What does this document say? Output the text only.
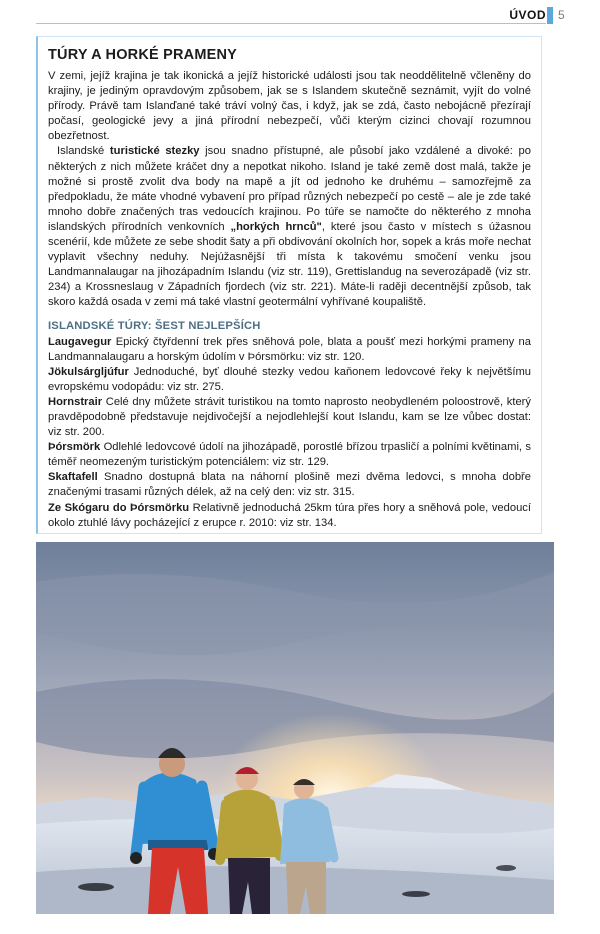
ÚVOD 5
TÚRY A HORKÉ PRAMENY

V zemi, jejíž krajina je tak ikonická a jejíž historické události jsou tak neoddělitelně včleněny do krajiny, je jediným opravdovým způsobem, jak se s Islandem skutečně seznámit, vyjít do volné přírody. Právě tam Islanďané také tráví volný čas, i když, jak se zdá, často nebojácně přezírají počasí, geologické jevy a jiná přírodní nebezpečí, vůči kterým cizinci chovají rozumnou obezřetnost.

Islandské turistické stezky jsou snadno přístupné, ale působí jako vzdálené a divoké: po některých z nich můžete kráčet dny a nepotkat nikoho. Island je také země dost malá, takže je možné si prostě zvolit dva body na mapě a jít od jednoho ke druhému – samozřejmě za předpokladu, že máte vhodné vybavení pro případ různých nebezpečí po cestě – ale je zde také mnoho dobře značených tras vedoucích krajinou. Po túře se namočte do některého z mnoha islandských přírodních venkovních „horkých hrnců", které jsou často v místech s úžasnou scenérií, kde můžete ze sebe shodit šaty a při obdivování okolních hor, sopek a krás moře nechat vyplavit všechny neduhy. Nejúžasnější tři místa k takovému smočení venku jsou Landmannalaugar na jihozápadním Islandu (viz str. 119), Grettislandug na severozápadě (viz str. 234) a Krossneslaug v Západních fjordech (viz str. 221). Máte-li raději decentnější způsob, tak skoro každá osada v zemi má také vlastní geotermální vyhřívané koupaliště.

ISLANDSKÉ TÚRY: ŠEST NEJLEPŠÍCH

Laugavegur Epický čtyřdenní trek přes sněhová pole, blata a poušť mezi horkými prameny na Landmannalaugaru a horským údolím v Þórsmörku: viz str. 120.

Jökulsárgljúfur Jednoduché, byť dlouhé stezky vedou kaňonem ledovcové řeky k největšímu evropskému vodopádu: viz str. 275.

Hornstrair Celé dny můžete strávit turistikou na tomto naprosto neobydleném poloostrově, který pravděpodobně představuje nejdivočejší a nejodlehlejší kout Islandu, kam se lze vůbec dostat: viz str. 200.

Þórsmörk Odlehlé ledovcové údolí na jihozápadě, porostlé břízou trpasličí a polními květinami, s téměř neomezeným turistickým potenciálem: viz str. 129.

Skaftafell Snadno dostupná blata na náhorní plošině mezi dvěma ledovci, s mnoha dobře značenými trasami různých délek, až na celý den: viz str. 315.

Ze Skógaru do Þórsmörku Relativně jednoduchá 25km túra přes hory a sněhová pole, vedoucí okolo ztuhlé lávy pocházející z erupce r. 2010: viz str. 134.
